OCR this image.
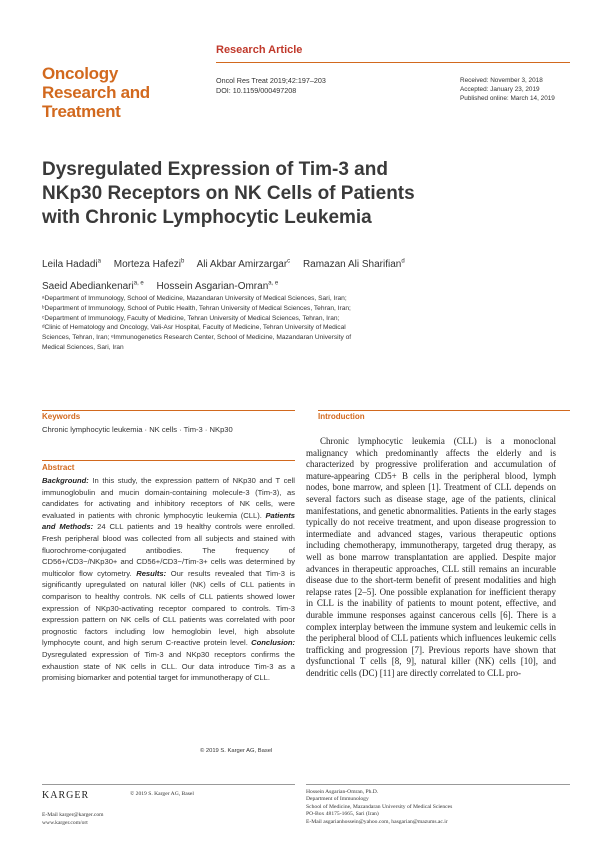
Research Article
Oncology
Research and
Treatment
Oncol Res Treat 2019;42:197–203
DOI: 10.1159/000497208
Received: November 3, 2018
Accepted: January 23, 2019
Published online: March 14, 2019
Dysregulated Expression of Tim-3 and
NKp30 Receptors on NK Cells of Patients
with Chronic Lymphocytic Leukemia
Leila Hadadi$^a$ Morteza Hafezi$^b$ Ali Akbar Amirzargar$^c$ Ramazan Ali Sharifian$^d$
Saeid Abediankenari$^{a, e}$ Hossein Asgarian-Omran$^{a, e}$
ᵃDepartment of Immunology, School of Medicine, Mazandaran University of Medical Sciences, Sari, Iran;
ᵇDepartment of Immunology, School of Public Health, Tehran University of Medical Sciences, Tehran, Iran;
ᶜDepartment of Immunology, Faculty of Medicine, Tehran University of Medical Sciences, Tehran, Iran;
ᵈClinic of Hematology and Oncology, Vali-Asr Hospital, Faculty of Medicine, Tehran University of Medical
Sciences, Tehran, Iran; ᵉImmunogenetics Research Center, School of Medicine, Mazandaran University of
Medical Sciences, Sari, Iran
Keywords
Chronic lymphocytic leukemia · NK cells · Tim-3 · NKp30
Abstract
Background: In this study, the expression pattern of NKp30 and T cell immunoglobulin and mucin domain-containing molecule-3 (Tim-3), as candidates for activating and inhibitory receptors of NK cells, were evaluated in patients with chronic lymphocytic leukemia (CLL). Patients and Methods: 24 CLL patients and 19 healthy controls were enrolled. Fresh peripheral blood was collected from all subjects and stained with fluorochrome-conjugated antibodies. The frequency of CD56+/CD3−/NKp30+ and CD56+/CD3−/Tim-3+ cells was determined by multicolor flow cytometry. Results: Our results revealed that Tim-3 is significantly upregulated on natural killer (NK) cells of CLL patients in comparison to healthy controls. NK cells of CLL patients showed lower expression of NKp30-activating receptor compared to controls. Tim-3 expression pattern on NK cells of CLL patients was correlated with poor prognostic factors including low hemoglobin level, high absolute lymphocyte count, and high serum C-reactive protein level. Conclusion: Dysregulated expression of Tim-3 and NKp30 receptors confirms the exhaustion state of NK cells in CLL. Our data introduce Tim-3 as a promising biomarker and potential target for immunotherapy of CLL.
© 2019 S. Karger AG, Basel
Introduction

Chronic lymphocytic leukemia (CLL) is a monoclonal malignancy which predominantly affects the elderly and is characterized by progressive proliferation and accumulation of mature-appearing CD5+ B cells in the peripheral blood, lymph nodes, bone marrow, and spleen [1]. Treatment of CLL depends on several factors such as disease stage, age of the patients, clinical manifestations, and genetic abnormalities. Patients in the early stages typically do not receive treatment, and upon disease progression to intermediate and advanced stages, various therapeutic options including chemotherapy, immunotherapy, targeted drug therapy, as well as bone marrow transplantation are applied. Despite major advances in therapeutic approaches, CLL still remains an incurable disease due to the short-term benefit of present modalities and high relapse rates [2–5]. One possible explanation for inefficient therapy in CLL is the inability of patients to mount potent, effective, and durable immune responses against cancerous cells [6]. There is a complex interplay between the immune system and leukemic cells in the peripheral blood of CLL patients which influences leukemic cells trafficking and progression [7]. Previous reports have shown that dysfunctional T cells [8, 9], natural killer (NK) cells [10], and dendritic cells (DC) [11] are directly correlated to CLL pro-

KARGER	© 2019 S. Karger AG, Basel
E-Mail karger@karger.com
www.karger.com/ort
Hossein Asgarian-Omran, Ph.D.
Department of Immunology
School of Medicine, Mazandaran University of Medical Sciences
PO-Box 48175-1665, Sari (Iran)
E-Mail asgarianhossein@yahoo.com, hasgarian@mazums.ac.ir
